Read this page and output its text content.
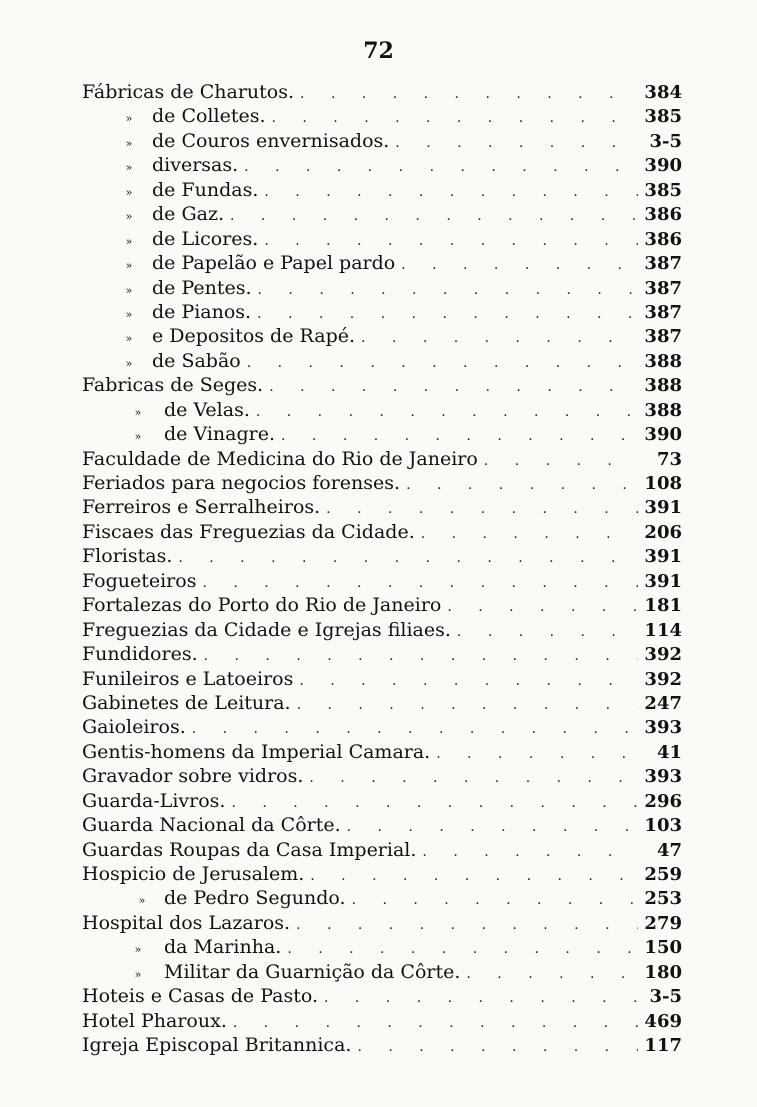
72
Fábricas de Charutos. . . .	384
»	de Colletes. . . .	385
»	de Couros envernisados. . . .	3-5
»	diversas. . . .	390
»	de Fundas. . . .	385
»	de Gaz. . . .	386
»	de Licores. . . .	386
»	de Papelão e Papel pardo . . .	387
»	de Pentes. . . .	387
»	de Pianos. . . .	387
»	e Depositos de Rapé. . . .	387
»	de Sabão . . .	388
Fabricas de Seges. . . .	388
»	de Velas. . . .	388
»	de Vinagre. . . .	390
Faculdade de Medicina do Rio de Janeiro . . .	73
Feriados para negocios forenses. . . .	108
Ferreiros e Serralheiros. . . .	391
Fiscaes das Freguezias da Cidade. . . .	206
Floristas. . . .	391
Fogueteiros . . .	391
Fortalezas do Porto do Rio de Janeiro . . .	181
Freguezias da Cidade e Igrejas filiaes. . . .	114
Fundidores. . . .	392
Funileiros e Latoeiros . . .	392
Gabinetes de Leitura. . . .	247
Gaioleiros. . . .	393
Gentis-homens da Imperial Camara. . . .	41
Gravador sobre vidros. . . .	393
Guarda-Livros. . . .	296
Guarda Nacional da Côrte. . . .	103
Guardas Roupas da Casa Imperial. . . .	47
Hospicio de Jerusalem. . . .	259
» de Pedro Segundo. . . .	253
Hospital dos Lazaros. . . .	279
»	da Marinha. . . .	150
»	Militar da Guarnição da Côrte. . . .	180
Hoteis e Casas de Pasto. . . .	3-5
Hotel Pharoux. . . .	469
Igreja Episcopal Britannica. . . .	117
